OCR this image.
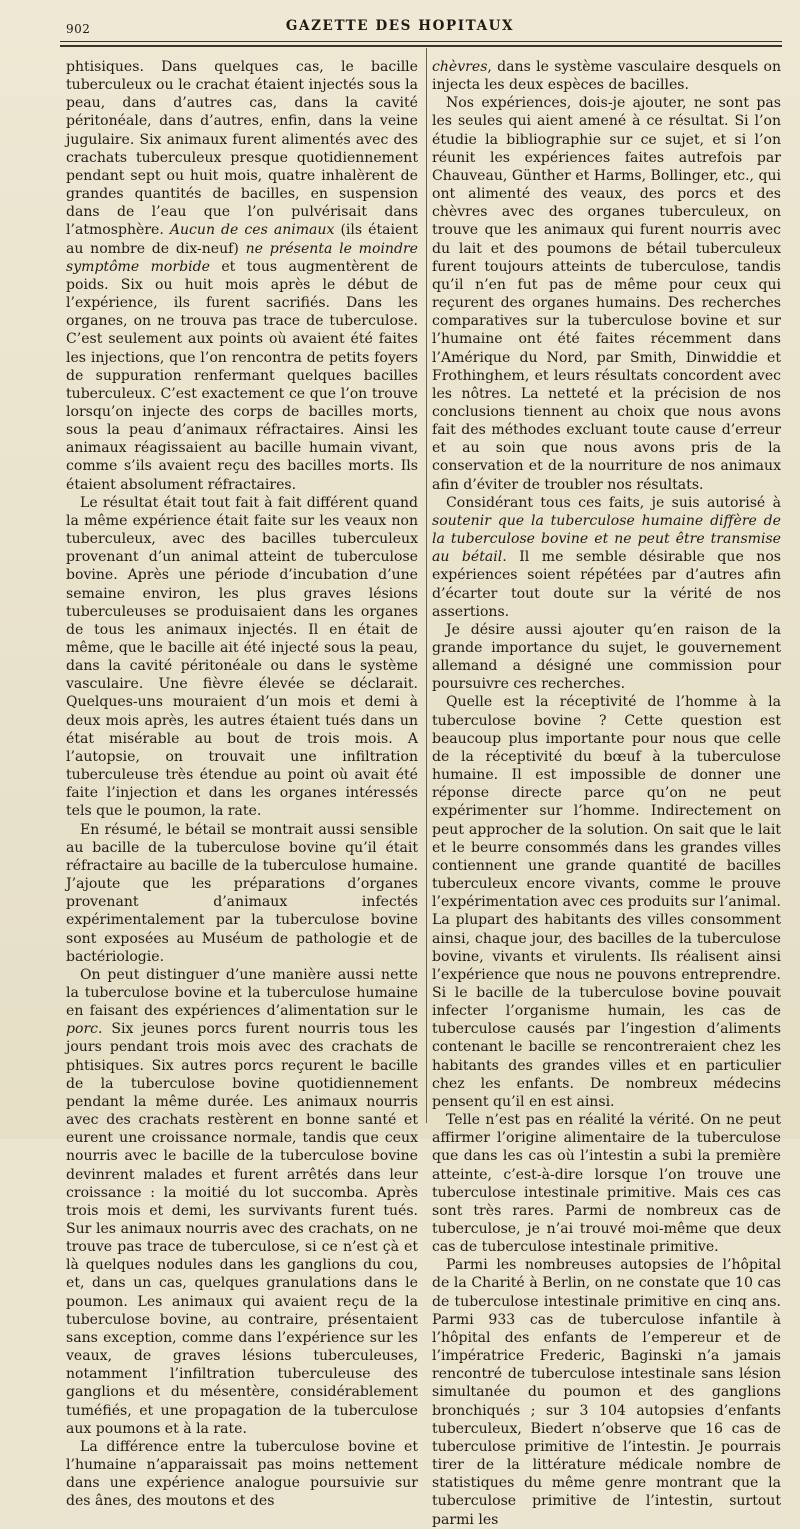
902	GAZETTE DES HOPITAUX

phtisiques. Dans quelques cas, le bacille tuberculeux ou le crachat étaient injectés sous la peau, dans d’autres cas, dans la cavité péritonéale, dans d’autres, enfin, dans la veine jugulaire. Six animaux furent alimentés avec des crachats tuberculeux presque quotidiennement pendant sept ou huit mois, quatre inhalèrent de grandes quantités de bacilles, en suspension dans de l’eau que l’on pulvérisait dans l’atmosphère. Aucun de ces animaux (ils étaient au nombre de dix-neuf) ne présenta le moindre symptôme morbide et tous augmentèrent de poids. Six ou huit mois après le début de l’expérience, ils furent sacrifiés. Dans les organes, on ne trouva pas trace de tuberculose. C’est seulement aux points où avaient été faites les injections, que l’on rencontra de petits foyers de suppuration renfermant quelques bacilles tuberculeux. C’est exactement ce que l’on trouve lorsqu’on injecte des corps de bacilles morts, sous la peau d’animaux réfractaires. Ainsi les animaux réagissaient au bacille humain vivant, comme s’ils avaient reçu des bacilles morts. Ils étaient absolument réfractaires.

Le résultat était tout fait à fait différent quand la même expérience était faite sur les veaux non tuberculeux, avec des bacilles tuberculeux provenant d’un animal atteint de tuberculose bovine. Après une période d’incubation d’une semaine environ, les plus graves lésions tuberculeuses se produisaient dans les organes de tous les animaux injectés. Il en était de même, que le bacille ait été injecté sous la peau, dans la cavité péritonéale ou dans le système vasculaire. Une fièvre élevée se déclarait. Quelques-uns mouraient d’un mois et demi à deux mois après, les autres étaient tués dans un état misérable au bout de trois mois. A l’autopsie, on trouvait une infiltration tuberculeuse très étendue au point où avait été faite l’injection et dans les organes intéressés tels que le poumon, la rate.

En résumé, le bétail se montrait aussi sensible au bacille de la tuberculose bovine qu’il était réfractaire au bacille de la tuberculose humaine. J’ajoute que les préparations d’organes provenant d’animaux infectés expérimentalement par la tuberculose bovine sont exposées au Muséum de pathologie et de bactériologie.

On peut distinguer d’une manière aussi nette la tuberculose bovine et la tuberculose humaine en faisant des expériences d’alimentation sur le porc. Six jeunes porcs furent nourris tous les jours pendant trois mois avec des crachats de phtisiques. Six autres porcs reçurent le bacille de la tuberculose bovine quotidiennement pendant la même durée. Les animaux nourris avec des crachats restèrent en bonne santé et eurent une croissance normale, tandis que ceux nourris avec le bacille de la tuberculose bovine devinrent malades et furent arrêtés dans leur croissance : la moitié du lot succomba. Après trois mois et demi, les survivants furent tués. Sur les animaux nourris avec des crachats, on ne trouve pas trace de tuberculose, si ce n’est çà et là quelques nodules dans les ganglions du cou, et, dans un cas, quelques granulations dans le poumon. Les animaux qui avaient reçu de la tuberculose bovine, au contraire, présentaient sans exception, comme dans l’expérience sur les veaux, de graves lésions tuberculeuses, notamment l’infiltration tuberculeuse des ganglions et du mésentère, considérablement tuméfiés, et une propagation de la tuberculose aux poumons et à la rate.

La différence entre la tuberculose bovine et l’humaine n’apparaissait pas moins nettement dans une expérience analogue poursuivie sur des ânes, des moutons et des

chèvres, dans le système vasculaire desquels on injecta les deux espèces de bacilles.

Nos expériences, dois-je ajouter, ne sont pas les seules qui aient amené à ce résultat. Si l’on étudie la bibliographie sur ce sujet, et si l’on réunit les expériences faites autrefois par Chauveau, Günther et Harms, Bollinger, etc., qui ont alimenté des veaux, des porcs et des chèvres avec des organes tuberculeux, on trouve que les animaux qui furent nourris avec du lait et des poumons de bétail tuberculeux furent toujours atteints de tuberculose, tandis qu’il n’en fut pas de même pour ceux qui reçurent des organes humains. Des recherches comparatives sur la tuberculose bovine et sur l’humaine ont été faites récemment dans l’Amérique du Nord, par Smith, Dinwiddie et Frothinghem, et leurs résultats concordent avec les nôtres. La netteté et la précision de nos conclusions tiennent au choix que nous avons fait des méthodes excluant toute cause d’erreur et au soin que nous avons pris de la conservation et de la nourriture de nos animaux afin d’éviter de troubler nos résultats.

Considérant tous ces faits, je suis autorisé à soutenir que la tuberculose humaine diffère de la tuberculose bovine et ne peut être transmise au bétail. Il me semble désirable que nos expériences soient répétées par d’autres afin d’écarter tout doute sur la vérité de nos assertions.

Je désire aussi ajouter qu’en raison de la grande importance du sujet, le gouvernement allemand a désigné une commission pour poursuivre ces recherches.

Quelle est la réceptivité de l’homme à la tuberculose bovine ? Cette question est beaucoup plus importante pour nous que celle de la réceptivité du bœuf à la tuberculose humaine. Il est impossible de donner une réponse directe parce qu’on ne peut expérimenter sur l’homme. Indirectement on peut approcher de la solution. On sait que le lait et le beurre consommés dans les grandes villes contiennent une grande quantité de bacilles tuberculeux encore vivants, comme le prouve l’expérimentation avec ces produits sur l’animal. La plupart des habitants des villes consomment ainsi, chaque jour, des bacilles de la tuberculose bovine, vivants et virulents. Ils réalisent ainsi l’expérience que nous ne pouvons entreprendre. Si le bacille de la tuberculose bovine pouvait infecter l’organisme humain, les cas de tuberculose causés par l’ingestion d’aliments contenant le bacille se rencontreraient chez les habitants des grandes villes et en particulier chez les enfants. De nombreux médecins pensent qu’il en est ainsi.

Telle n’est pas en réalité la vérité. On ne peut affirmer l’origine alimentaire de la tuberculose que dans les cas où l’intestin a subi la première atteinte, c’est-à-dire lorsque l’on trouve une tuberculose intestinale primitive. Mais ces cas sont très rares. Parmi de nombreux cas de tuberculose, je n’ai trouvé moi-même que deux cas de tuberculose intestinale primitive.

Parmi les nombreuses autopsies de l’hôpital de la Charité à Berlin, on ne constate que 10 cas de tuberculose intestinale primitive en cinq ans. Parmi 933 cas de tuberculose infantile à l’hôpital des enfants de l’empereur et de l’impératrice Frederic, Baginski n’a jamais rencontré de tuberculose intestinale sans lésion simultanée du poumon et des ganglions bronchiqués ; sur 3 104 autopsies d’enfants tuberculeux, Biedert n’observe que 16 cas de tuberculose primitive de l’intestin. Je pourrais tirer de la littérature médicale nombre de statistiques du même genre montrant que la tuberculose primitive de l’intestin, surtout parmi les
